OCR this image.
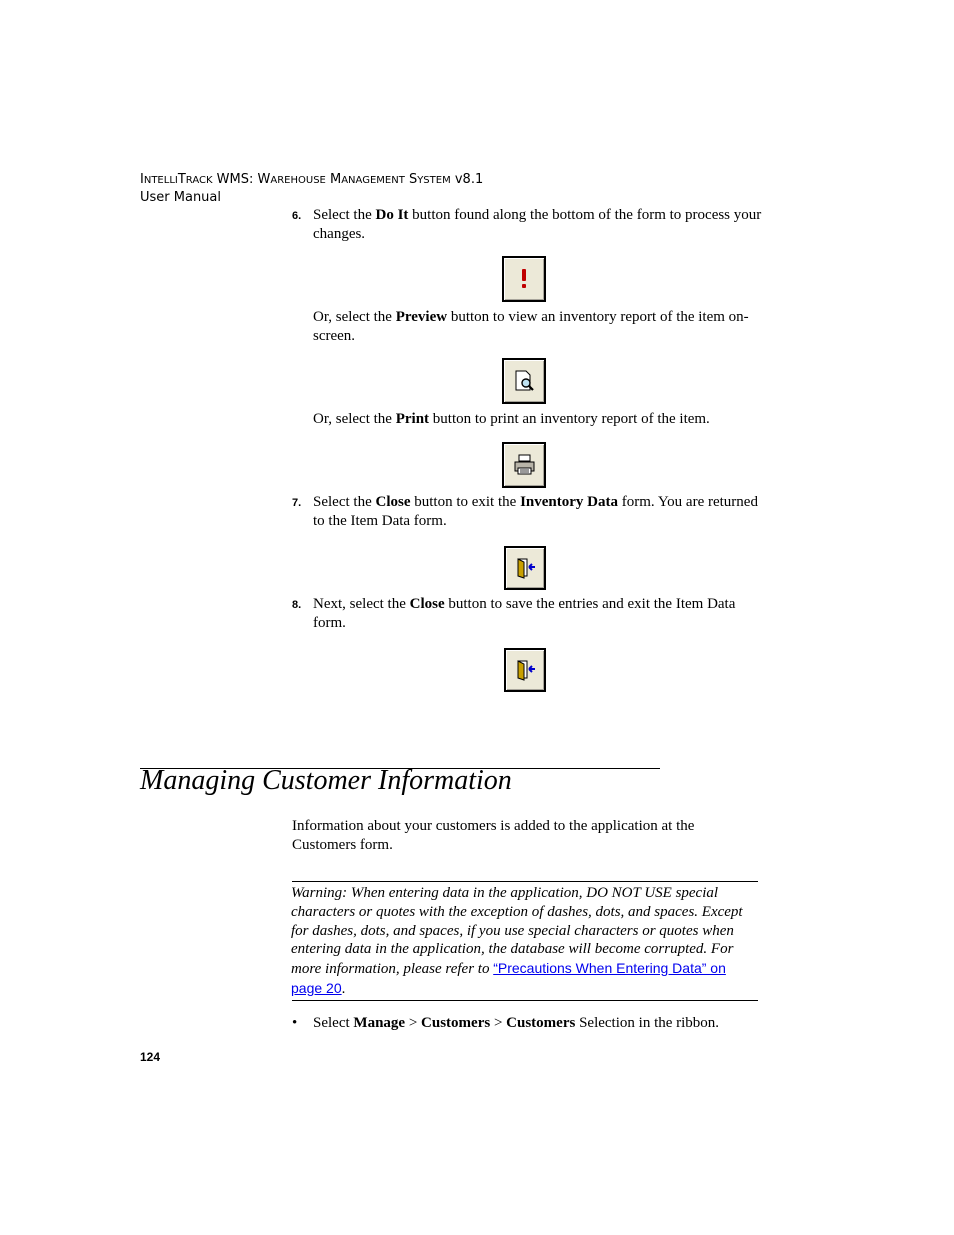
INTELLITRACK WMS: WAREHOUSE MANAGEMENT SYSTEM v8.1
User Manual
6. Select the Do It button found along the bottom of the form to process your changes.
Or, select the Preview button to view an inventory report of the item on-screen.
Or, select the Print button to print an inventory report of the item.
7. Select the Close button to exit the Inventory Data form. You are returned to the Item Data form.
8. Next, select the Close button to save the entries and exit the Item Data form.
Managing Customer Information
Information about your customers is added to the application at the Customers form.
Warning: When entering data in the application, DO NOT USE special characters or quotes with the exception of dashes, dots, and spaces. Except for dashes, dots, and spaces, if you use special characters or quotes when entering data in the application, the database will become corrupted. For more information, please refer to “Precautions When Entering Data” on page 20.
•	Select Manage > Customers > Customers Selection in the ribbon.
124
